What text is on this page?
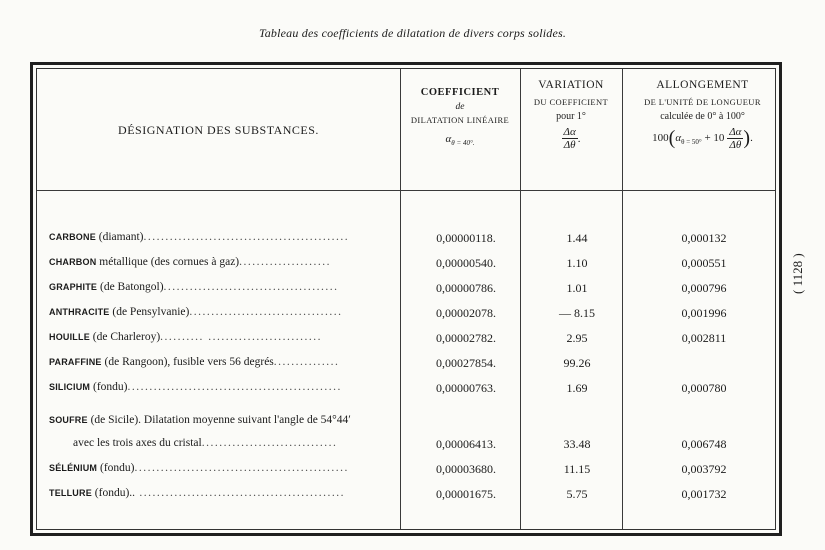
Tableau des coefficients de dilatation de divers corps solides.
DÉSIGNATION DES SUBSTANCES.
COEFFICIENT
de
DILATATION LINÉAIRE
$\alpha_{\theta = 40^\circ.}$
VARIATION
DU COEFFICIENT
pour 1°
$\frac{\Delta\alpha}{\Delta\theta}$ .
ALLONGEMENT
DE L'UNITÉ DE LONGUEUR
calculée de 0° à 100°
$100(\alpha_{\theta = 50^\circ} + 10 \frac{\Delta\alpha}{\Delta\theta}$ ).
CARBONE (diamant)...............................................	0,00000118.	1.44	0,000132
CHARBON métallique (des cornues à gaz).....................	0,00000540.	1.10	0,000551
GRAPHITE (de Batongol)........................................	0,00000786.	1.01	0,000796
ANTHRACITE (de Pensylvanie)...................................	0,00002078.	— 8.15	0,001996
HOUILLE (de Charleroy).......... ..........................	0,00002782.	2.95	0,002811
PARAFFINE (de Rangoon), fusible vers 56 degrés...............	0,00027854.	99.26
SILICIUM (fondu).................................................	0,00000763.	1.69	0,000780
SOUFRE (de Sicile). Dilatation moyenne suivant l'angle de 54°44′
avec les trois axes du cristal...............................	0,00006413.	33.48	0,006748
SÉLÉNIUM (fondu).................................................	0,00003680.	11.15	0,003792
TELLURE (fondu).. ...............................................	0,00001675.	5.75	0,001732
( 1128 )
